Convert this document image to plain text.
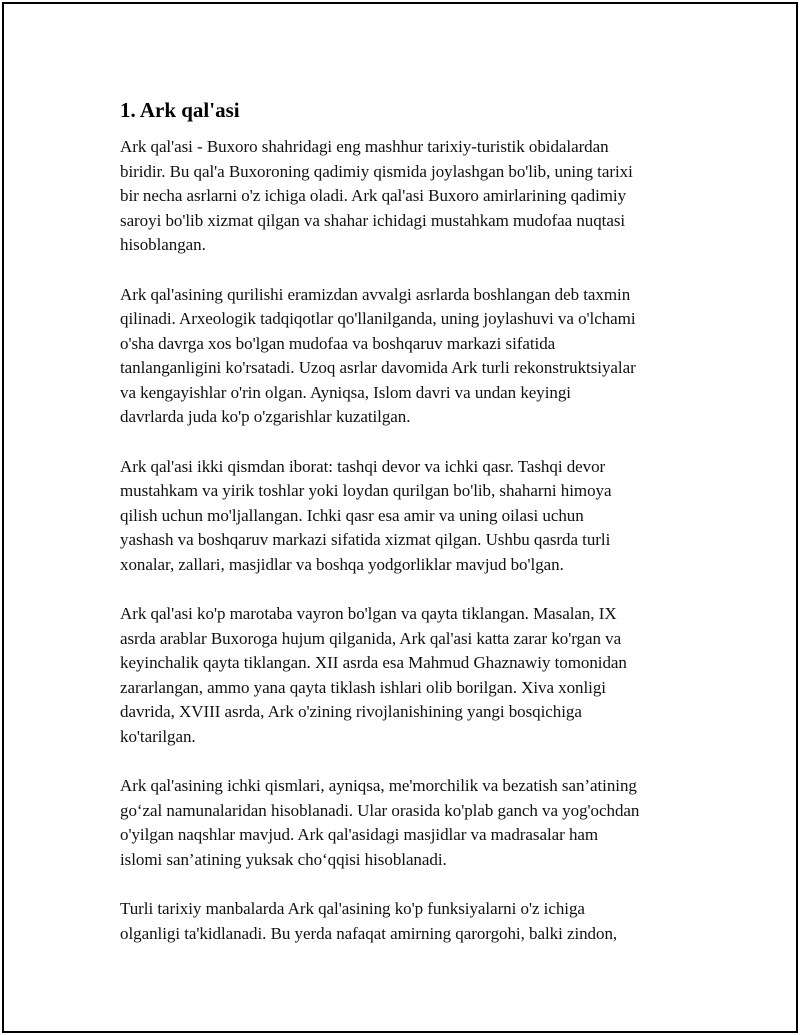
1. Ark qal'asi

Ark qal'asi - Buxoro shahridagi eng mashhur tarixiy-turistik obidalardan
biridir. Bu qal'a Buxoroning qadimiy qismida joylashgan bo'lib, uning tarixi
bir necha asrlarni o'z ichiga oladi. Ark qal'asi Buxoro amirlarining qadimiy
saroyi bo'lib xizmat qilgan va shahar ichidagi mustahkam mudofaa nuqtasi
hisoblangan.

Ark qal'asining qurilishi eramizdan avvalgi asrlarda boshlangan deb taxmin
qilinadi. Arxeologik tadqiqotlar qo'llanilganda, uning joylashuvi va o'lchami
o'sha davrga xos bo'lgan mudofaa va boshqaruv markazi sifatida
tanlanganligini ko'rsatadi. Uzoq asrlar davomida Ark turli rekonstruktsiyalar
va kengayishlar o'rin olgan. Ayniqsa, Islom davri va undan keyingi
davrlarda juda ko'p o'zgarishlar kuzatilgan.

Ark qal'asi ikki qismdan iborat: tashqi devor va ichki qasr. Tashqi devor
mustahkam va yirik toshlar yoki loydan qurilgan bo'lib, shaharni himoya
qilish uchun mo'ljallangan. Ichki qasr esa amir va uning oilasi uchun
yashash va boshqaruv markazi sifatida xizmat qilgan. Ushbu qasrda turli
xonalar, zallari, masjidlar va boshqa yodgorliklar mavjud bo'lgan.

Ark qal'asi ko'p marotaba vayron bo'lgan va qayta tiklangan. Masalan, IX
asrda arablar Buxoroga hujum qilganida, Ark qal'asi katta zarar ko'rgan va
keyinchalik qayta tiklangan. XII asrda esa Mahmud Ghaznawiy tomonidan
zararlangan, ammo yana qayta tiklash ishlari olib borilgan. Xiva xonligi
davrida, XVIII asrda, Ark o'zining rivojlanishining yangi bosqichiga
ko'tarilgan.

Ark qal'asining ichki qismlari, ayniqsa, me'morchilik va bezatish san’atining
go‘zal namunalaridan hisoblanadi. Ular orasida ko'plab ganch va yog'ochdan
o'yilgan naqshlar mavjud. Ark qal'asidagi masjidlar va madrasalar ham
islomi san’atining yuksak cho‘qqisi hisoblanadi.

Turli tarixiy manbalarda Ark qal'asining ko'p funksiyalarni o'z ichiga
olganligi ta'kidlanadi. Bu yerda nafaqat amirning qarorgohi, balki zindon,
